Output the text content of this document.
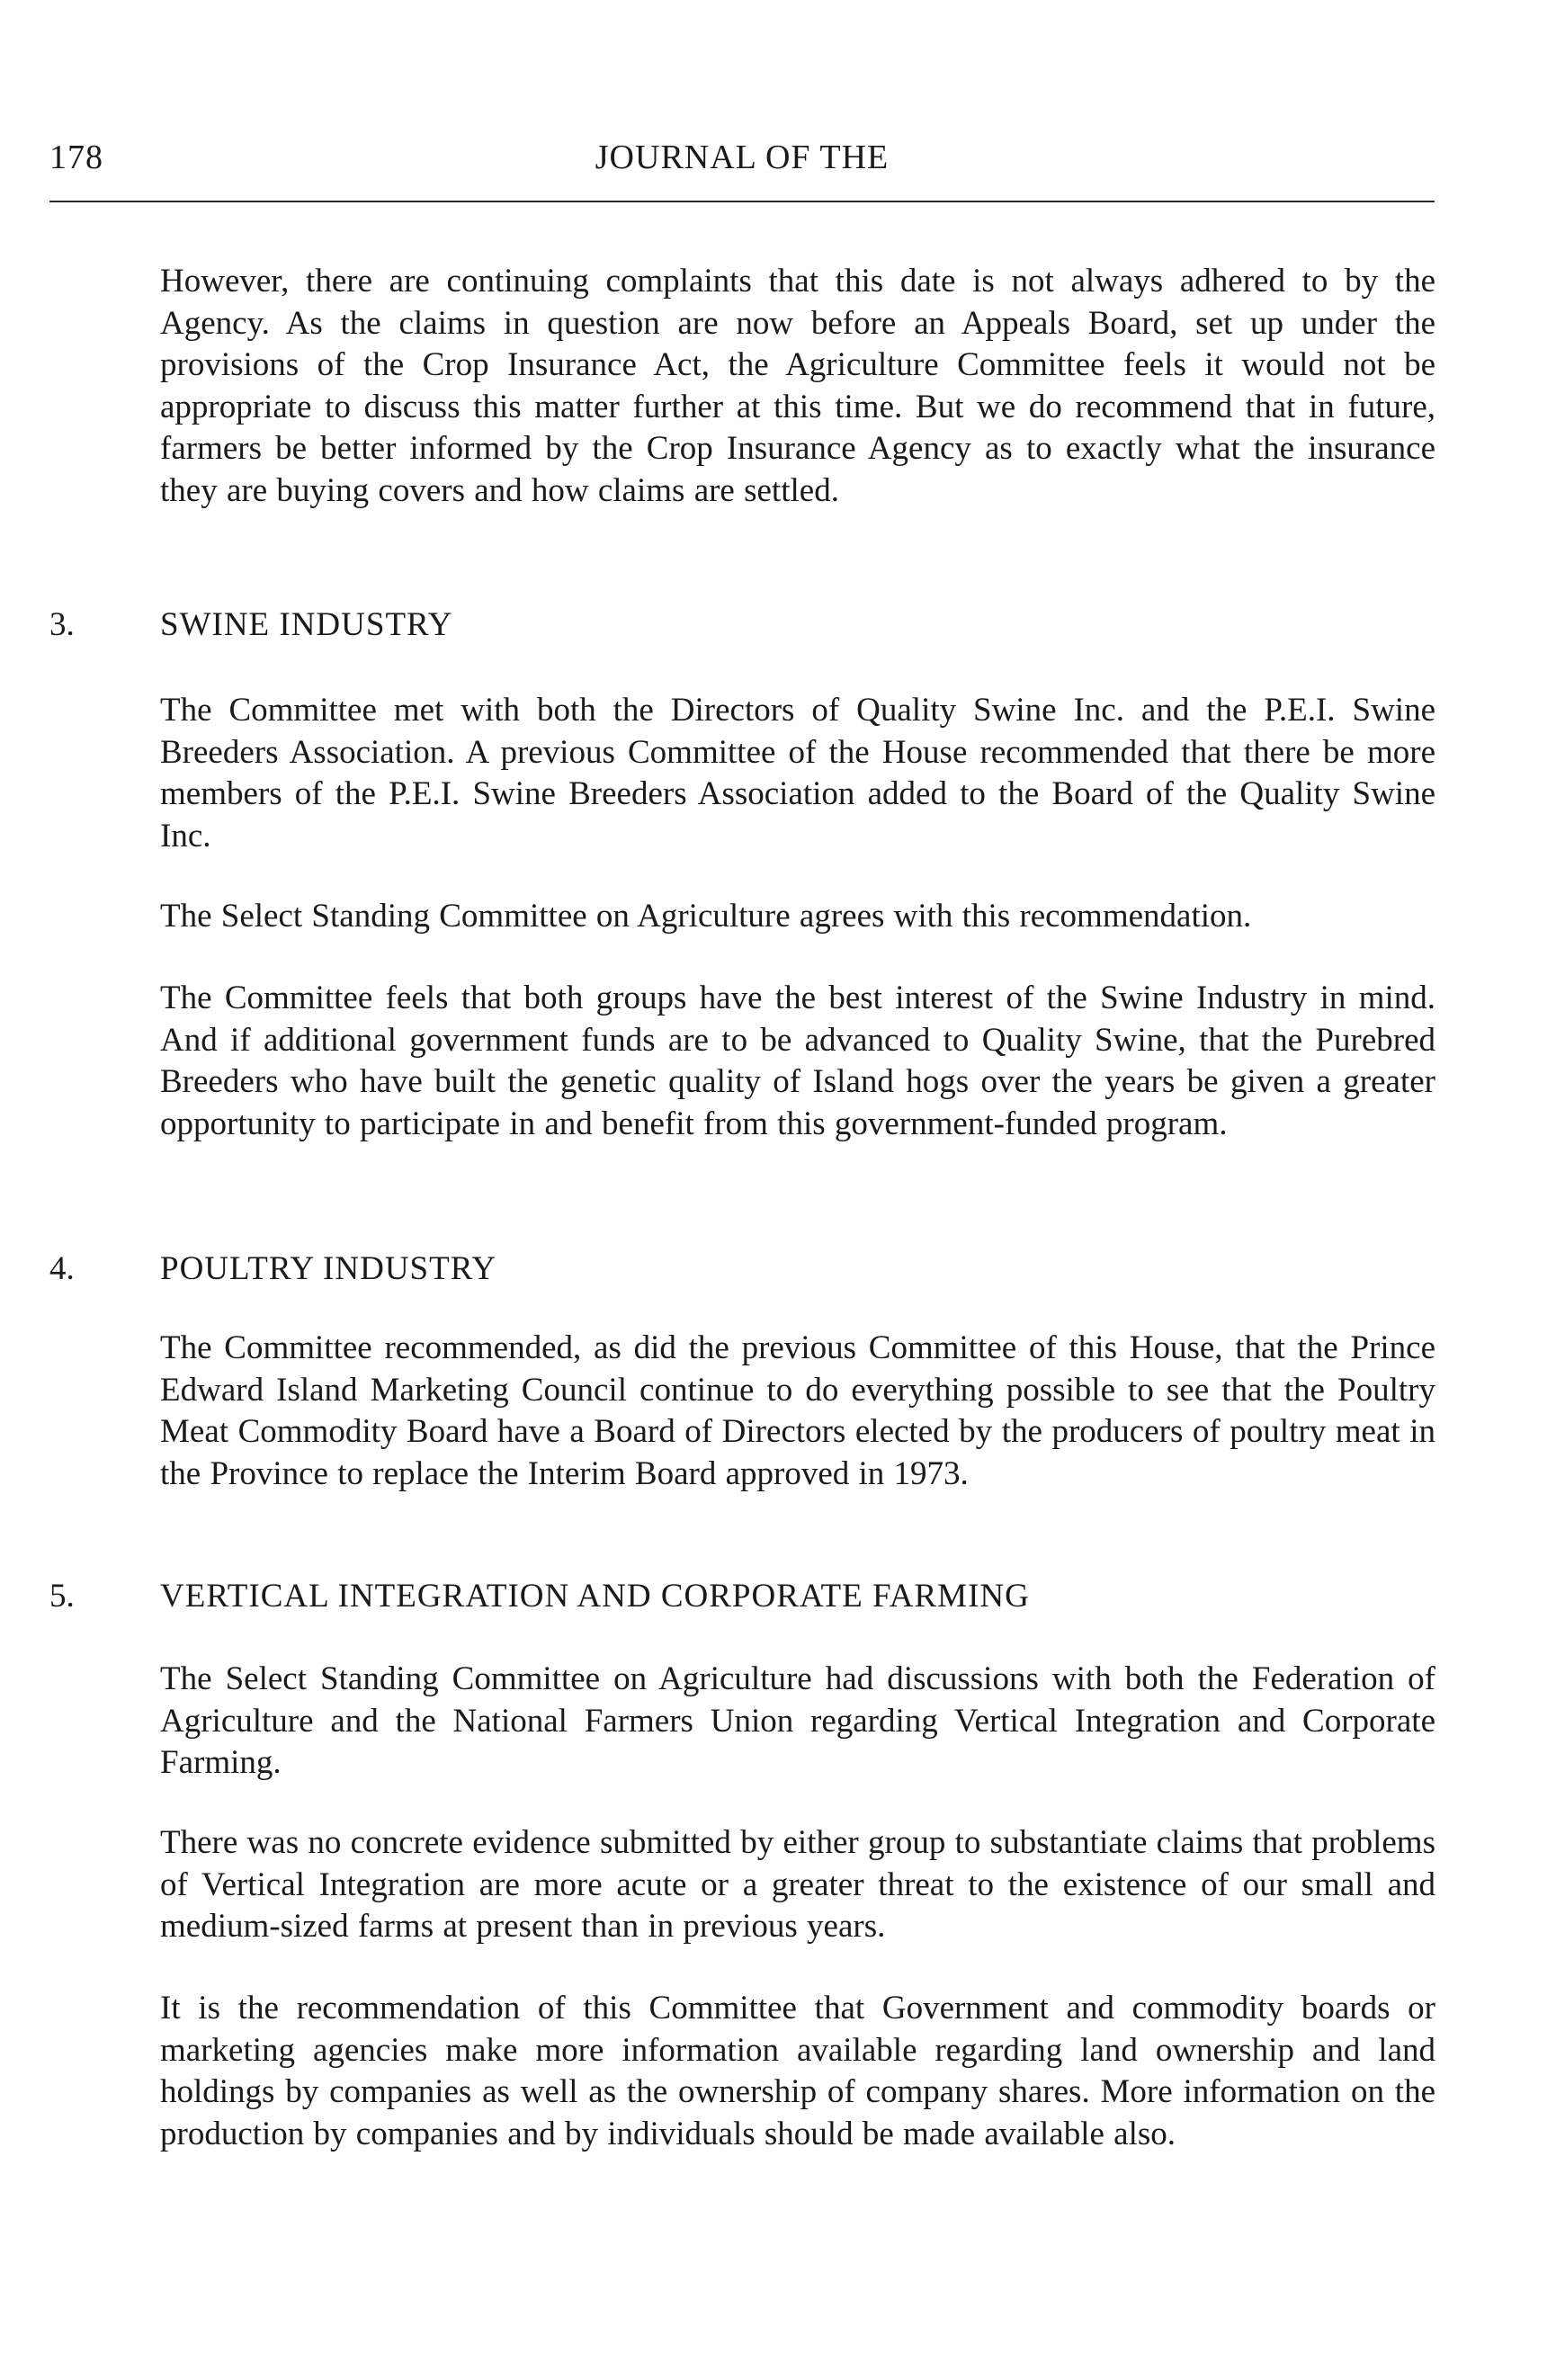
178	JOURNAL OF THE

However, there are continuing complaints that this date is not always adhered to by the Agency. As the claims in question are now before an Appeals Board, set up under the provisions of the Crop Insurance Act, the Agriculture Committee feels it would not be appropriate to discuss this matter further at this time. But we do recommend that in future, farmers be better informed by the Crop Insurance Agency as to exactly what the insurance they are buying covers and how claims are settled.

3.	SWINE INDUSTRY

The Committee met with both the Directors of Quality Swine Inc. and the P.E.I. Swine Breeders Association. A previous Committee of the House recommended that there be more members of the P.E.I. Swine Breeders Association added to the Board of the Quality Swine Inc.

The Select Standing Committee on Agriculture agrees with this recommendation.

The Committee feels that both groups have the best interest of the Swine Industry in mind. And if additional government funds are to be advanced to Quality Swine, that the Purebred Breeders who have built the genetic quality of Island hogs over the years be given a greater opportunity to participate in and benefit from this government-funded program.

4.	POULTRY INDUSTRY

The Committee recommended, as did the previous Committee of this House, that the Prince Edward Island Marketing Council continue to do everything possible to see that the Poultry Meat Commodity Board have a Board of Directors elected by the producers of poultry meat in the Province to replace the Interim Board approved in 1973.

5.	VERTICAL INTEGRATION AND CORPORATE FARMING

The Select Standing Committee on Agriculture had discussions with both the Federation of Agriculture and the National Farmers Union regarding Vertical Integration and Corporate Farming.

There was no concrete evidence submitted by either group to substantiate claims that problems of Vertical Integration are more acute or a greater threat to the existence of our small and medium-sized farms at present than in previous years.

It is the recommendation of this Committee that Government and commodity boards or marketing agencies make more information available regarding land ownership and land holdings by companies as well as the ownership of company shares. More information on the production by companies and by individuals should be made available also.
